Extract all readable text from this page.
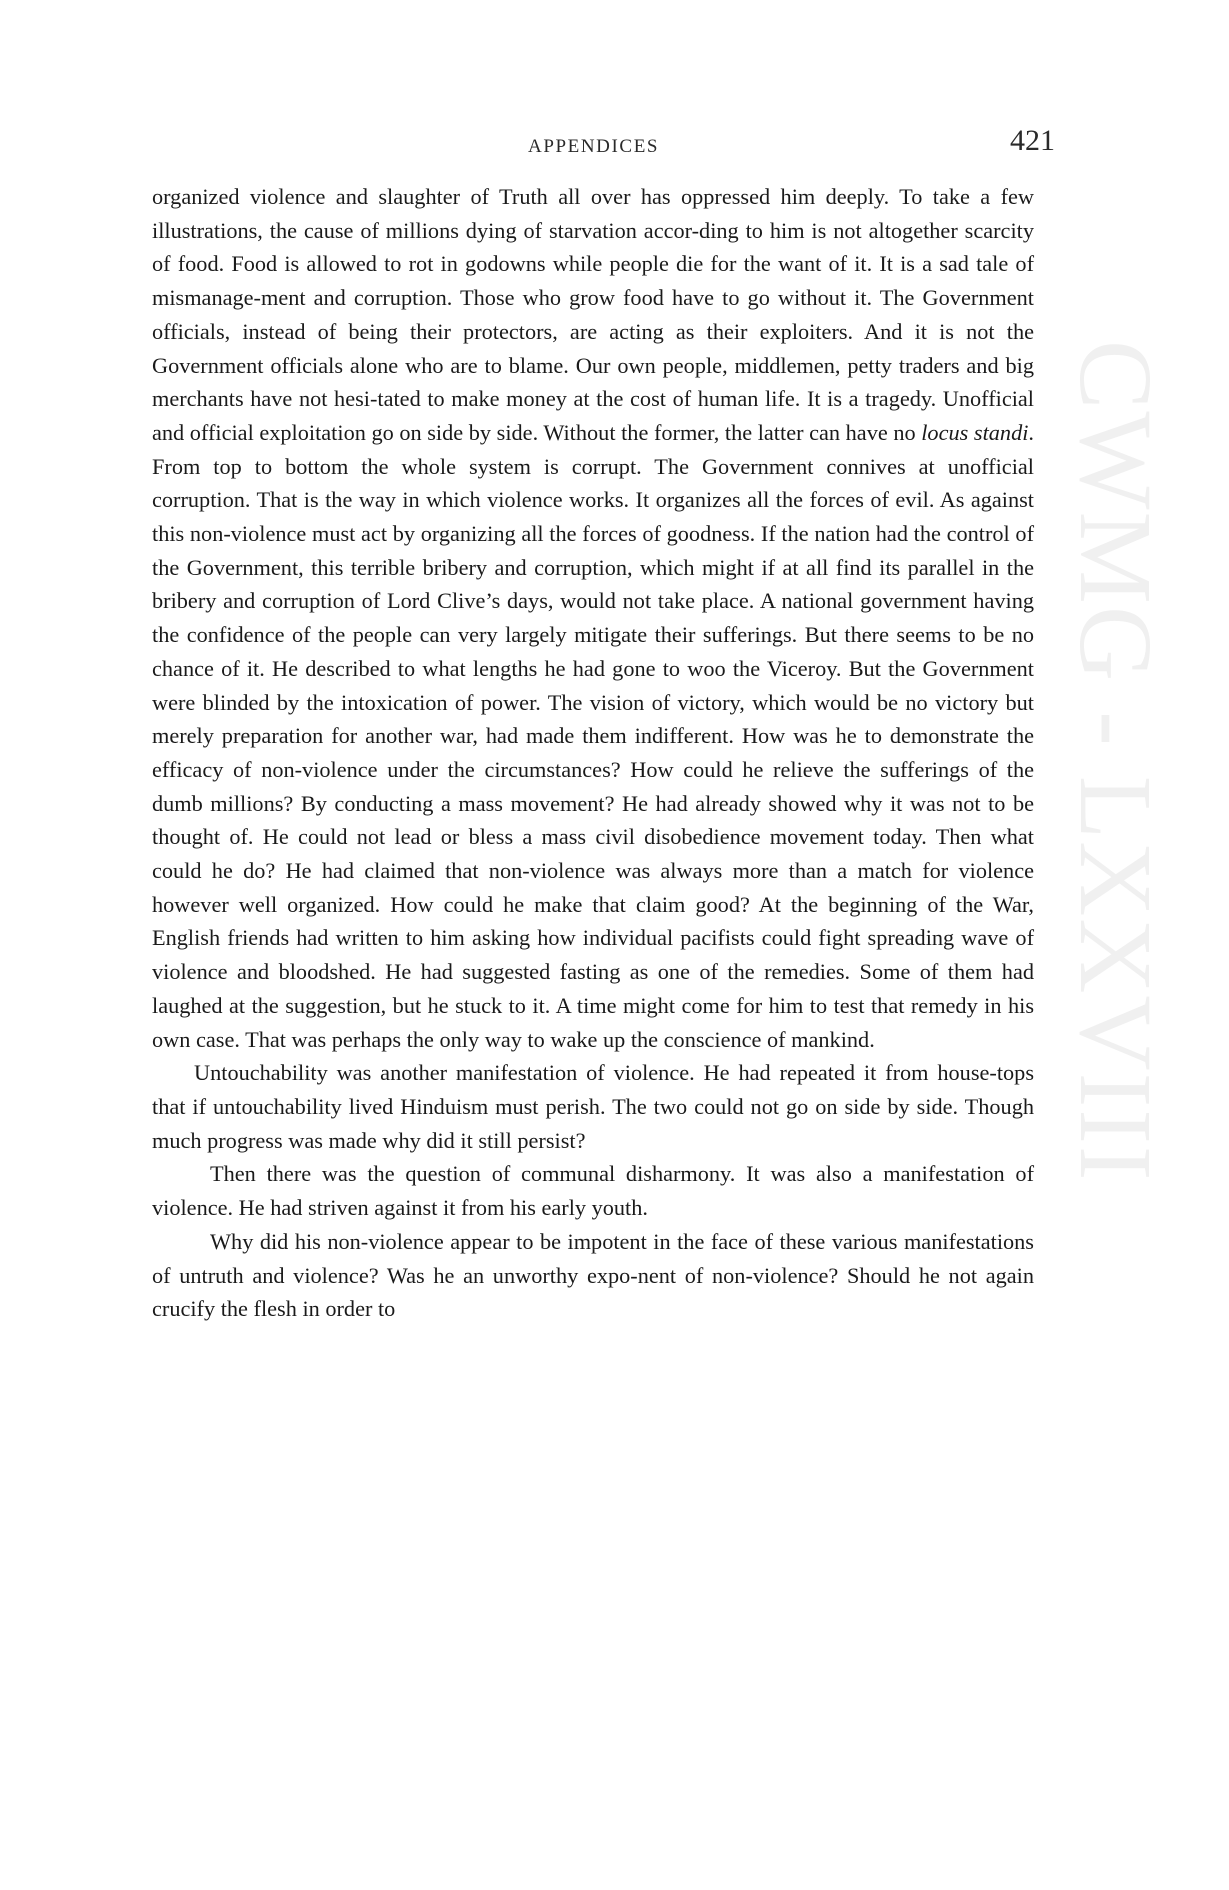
CWMG - LXXVIII
APPENDICES	421

organized violence and slaughter of Truth all over has oppressed him deeply. To take a few illustrations, the cause of millions dying of starvation accor-ding to him is not altogether scarcity of food. Food is allowed to rot in godowns while people die for the want of it. It is a sad tale of mismanage-ment and corruption. Those who grow food have to go without it. The Government officials, instead of being their protectors, are acting as their exploiters. And it is not the Government officials alone who are to blame. Our own people, middlemen, petty traders and big merchants have not hesi-tated to make money at the cost of human life. It is a tragedy. Unofficial and official exploitation go on side by side. Without the former, the latter can have no locus standi. From top to bottom the whole system is corrupt. The Government connives at unofficial corruption. That is the way in which violence works. It organizes all the forces of evil. As against this non-violence must act by organizing all the forces of goodness. If the nation had the control of the Government, this terrible bribery and corruption, which might if at all find its parallel in the bribery and corruption of Lord Clive’s days, would not take place. A national government having the confidence of the people can very largely mitigate their sufferings. But there seems to be no chance of it. He described to what lengths he had gone to woo the Viceroy. But the Government were blinded by the intoxication of power. The vision of victory, which would be no victory but merely preparation for another war, had made them indifferent. How was he to demonstrate the efficacy of non-violence under the circumstances? How could he relieve the sufferings of the dumb millions? By conducting a mass movement? He had already showed why it was not to be thought of. He could not lead or bless a mass civil disobedience movement today. Then what could he do? He had claimed that non-violence was always more than a match for violence however well organized. How could he make that claim good? At the beginning of the War, English friends had written to him asking how individual pacifists could fight spreading wave of violence and bloodshed. He had suggested fasting as one of the remedies. Some of them had laughed at the suggestion, but he stuck to it. A time might come for him to test that remedy in his own case. That was perhaps the only way to wake up the conscience of mankind.

Untouchability was another manifestation of violence. He had repeated it from house-tops that if untouchability lived Hinduism must perish. The two could not go on side by side. Though much progress was made why did it still persist?

Then there was the question of communal disharmony. It was also a manifestation of violence. He had striven against it from his early youth.

Why did his non-violence appear to be impotent in the face of these various manifestations of untruth and violence? Was he an unworthy expo-nent of non-violence? Should he not again crucify the flesh in order to
